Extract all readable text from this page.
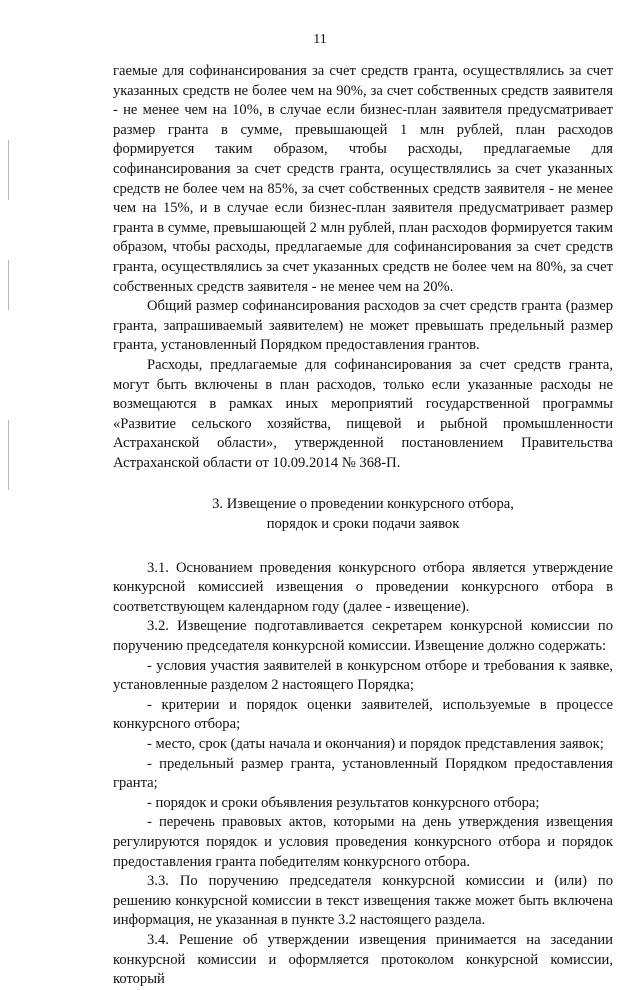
11

гаемые для софинансирования за счет средств гранта, осуществлялись за счет указанных средств не более чем на 90%, за счет собственных средств заявителя - не менее чем на 10%, в случае если бизнес-план заявителя предусматривает размер гранта в сумме, превышающей 1 млн рублей, план расходов формируется таким образом, чтобы расходы, предлагаемые для софинансирования за счет средств гранта, осуществлялись за счет указанных средств не более чем на 85%, за счет собственных средств заявителя - не менее чем на 15%, и в случае если бизнес-план заявителя предусматривает размер гранта в сумме, превышающей 2 млн рублей, план расходов формируется таким образом, чтобы расходы, предлагаемые для софинансирования за счет средств гранта, осуществлялись за счет указанных средств не более чем на 80%, за счет собственных средств заявителя - не менее чем на 20%.

Общий размер софинансирования расходов за счет средств гранта (размер гранта, запрашиваемый заявителем) не может превышать предельный размер гранта, установленный Порядком предоставления грантов.

Расходы, предлагаемые для софинансирования за счет средств гранта, могут быть включены в план расходов, только если указанные расходы не возмещаются в рамках иных мероприятий государственной программы «Развитие сельского хозяйства, пищевой и рыбной промышленности Астраханской области», утвержденной постановлением Правительства Астраханской области от 10.09.2014 № 368-П.

3. Извещение о проведении конкурсного отбора,
порядок и сроки подачи заявок

3.1. Основанием проведения конкурсного отбора является утверждение конкурсной комиссией извещения о проведении конкурсного отбора в соответствующем календарном году (далее - извещение).

3.2. Извещение подготавливается секретарем конкурсной комиссии по поручению председателя конкурсной комиссии. Извещение должно содержать:

- условия участия заявителей в конкурсном отборе и требования к заявке, установленные разделом 2 настоящего Порядка;

- критерии и порядок оценки заявителей, используемые в процессе конкурсного отбора;

- место, срок (даты начала и окончания) и порядок представления заявок;

- предельный размер гранта, установленный Порядком предоставления гранта;

- порядок и сроки объявления результатов конкурсного отбора;

- перечень правовых актов, которыми на день утверждения извещения регулируются порядок и условия проведения конкурсного отбора и порядок предоставления гранта победителям конкурсного отбора.

3.3. По поручению председателя конкурсной комиссии и (или) по решению конкурсной комиссии в текст извещения также может быть включена информация, не указанная в пункте 3.2 настоящего раздела.

3.4. Решение об утверждении извещения принимается на заседании конкурсной комиссии и оформляется протоколом конкурсной комиссии, который
